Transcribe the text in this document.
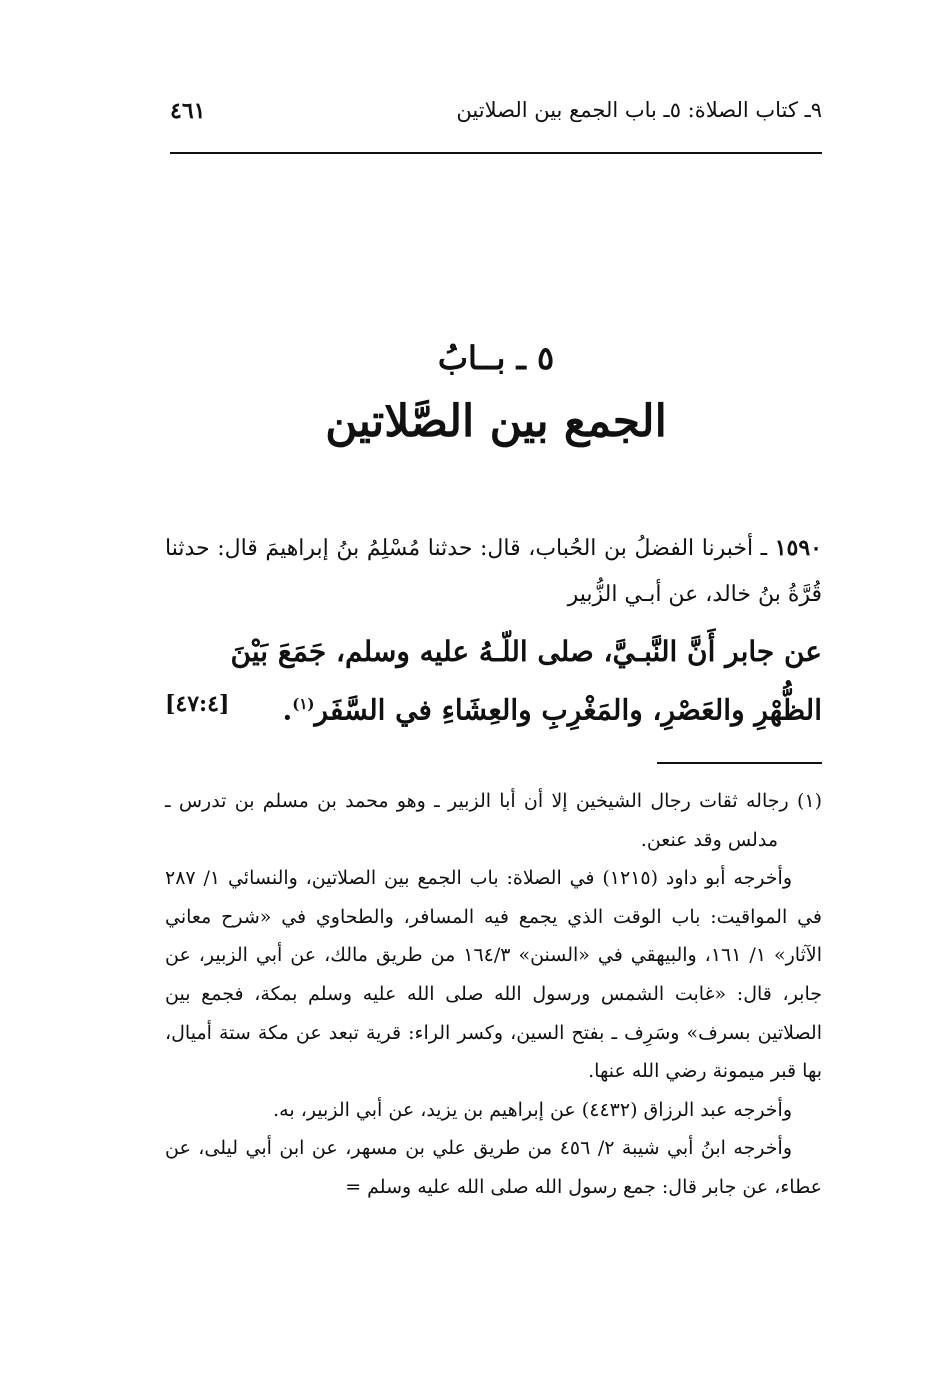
٩ـ كتاب الصلاة: ٥ـ باب الجمع بين الصلاتين
٤٦١
٥ ـ بــابُ
الجمع بين الصَّلاتين
١٥٩٠ ـ أخبرنا الفضلُ بن الحُباب، قال: حدثنا مُسْلِمُ بنُ إبراهيمَ قال: حدثنا قُرَّةُ بنُ خالد، عن أبـي الزُّبير
عن جابر أَنَّ النَّبـيَّ، صلى اللّـهُ عليه وسلم، جَمَعَ بَيْنَ
الظُّهْرِ والعَصْرِ، والمَغْرِبِ والعِشَاءِ في السَّفَر$^{(١)}$.
[٤٧:٤]

(١) رجاله ثقات رجال الشيخين إلا أن أبا الزبير ـ وهو محمد بن مسلم بن تدرس ـ مدلس وقد عنعن.

وأخرجه أبو داود (١٢١٥) في الصلاة: باب الجمع بين الصلاتين، والنسائي ١/ ٢٨٧ في المواقيت: باب الوقت الذي يجمع فيه المسافر، والطحاوي في «شرح معاني الآثار» ١/ ١٦١، والبيهقي في «السنن» ١٦٤/٣ من طريق مالك، عن أبي الزبير، عن جابر، قال: «غابت الشمس ورسول الله صلى الله عليه وسلم بمكة، فجمع بين الصلاتين بسرف» وسَرِف ـ بفتح السين، وكسر الراء: قرية تبعد عن مكة ستة أميال، بها قبر ميمونة رضي الله عنها.

وأخرجه عبد الرزاق (٤٤٣٢) عن إبراهيم بن يزيد، عن أبي الزبير، به.

وأخرجه ابنُ أبي شيبة ٢/ ٤٥٦ من طريق علي بن مسهر، عن ابن أبي ليلى، عن عطاء، عن جابر قال: جمع رسول الله صلى الله عليه وسلم =
